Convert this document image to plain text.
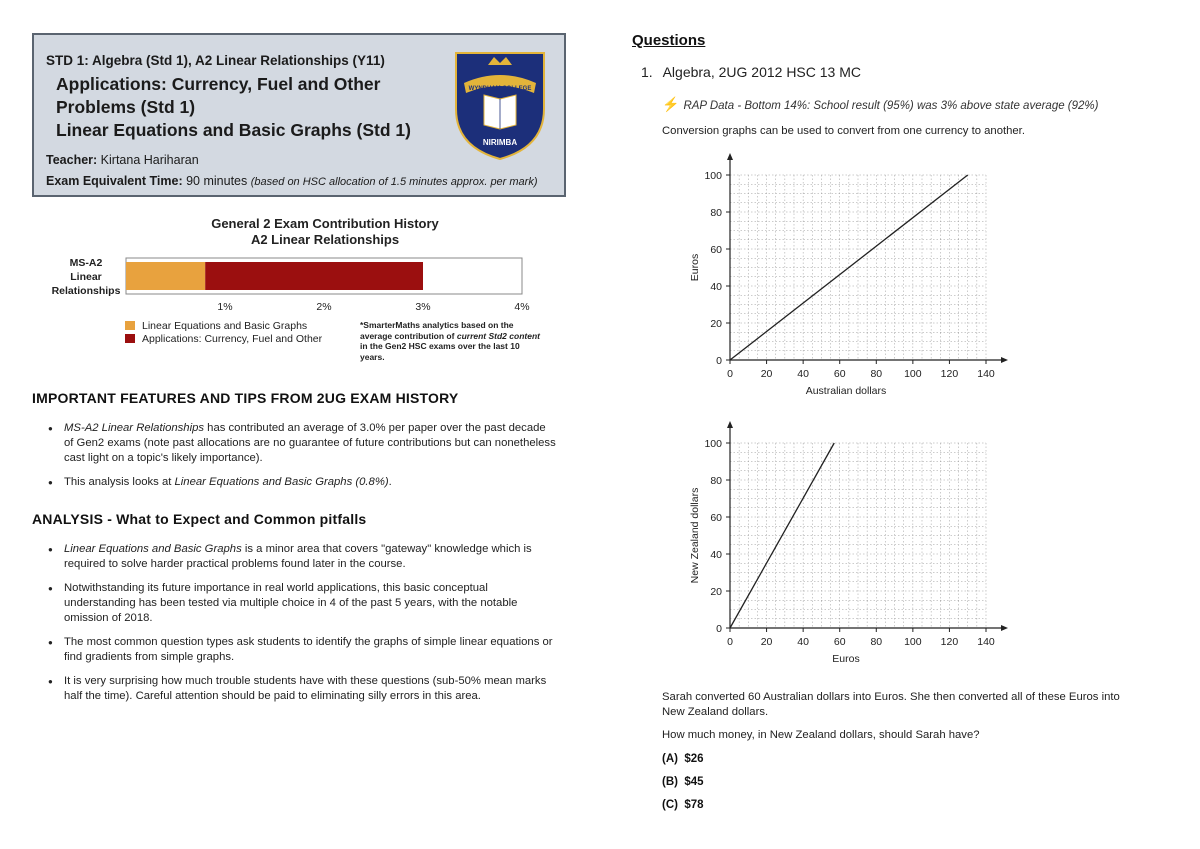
STD 1: Algebra (Std 1), A2 Linear Relationships (Y11)
Applications: Currency, Fuel and Other
Problems (Std 1)
Linear Equations and Basic Graphs (Std 1)
Teacher: Kirtana Hariharan
Exam Equivalent Time: 90 minutes (based on HSC allocation of 1.5 minutes approx. per mark)
WYNDHAM COLLEGE
NIRIMBA
General 2 Exam Contribution History
A2 Linear Relationships
MS-A2
Linear
Relationships
1%	2%	3%	4%
Linear Equations and Basic Graphs
Applications: Currency, Fuel and Other
*SmarterMaths analytics based on the
average contribution of current Std2 content in the Gen2 HSC exams over the last 10 years.
IMPORTANT FEATURES AND TIPS FROM 2UG EXAM HISTORY
● MS-A2 Linear Relationships has contributed an average of 3.0% per paper over the past decade of Gen2 exams (note past allocations are no guarantee of future contributions but can nonetheless cast light on a topic's likely importance).
● This analysis looks at Linear Equations and Basic Graphs (0.8%).
ANALYSIS - What to Expect and Common pitfalls
● Linear Equations and Basic Graphs is a minor area that covers "gateway" knowledge which is required to solve harder practical problems found later in the course.
● Notwithstanding its future importance in real world applications, this basic conceptual understanding has been tested via multiple choice in 4 of the past 5 years, with the notable omission of 2018.
● The most common question types ask students to identify the graphs of simple linear equations or find gradients from simple graphs.
● It is very surprising how much trouble students have with these questions (sub-50% mean marks half the time). Careful attention should be paid to eliminating silly errors in this area.
Questions
1. Algebra, 2UG 2012 HSC 13 MC
⚡ RAP Data - Bottom 14%: School result (95%) was 3% above state average (92%)
Conversion graphs can be used to convert from one currency to another.
0	20 40 60 80 100 120 140
0
20
40
60
80
100
Australian dollars
Euros
0	20 40 60 80 100 120 140
0
20
40
60
80
100
Euros
New Zealand dollars
Sarah converted 60 Australian dollars into Euros. She then converted all of these Euros into New Zealand dollars.
How much money, in New Zealand dollars, should Sarah have?
(A) $26
(B) $45
(C) $78
